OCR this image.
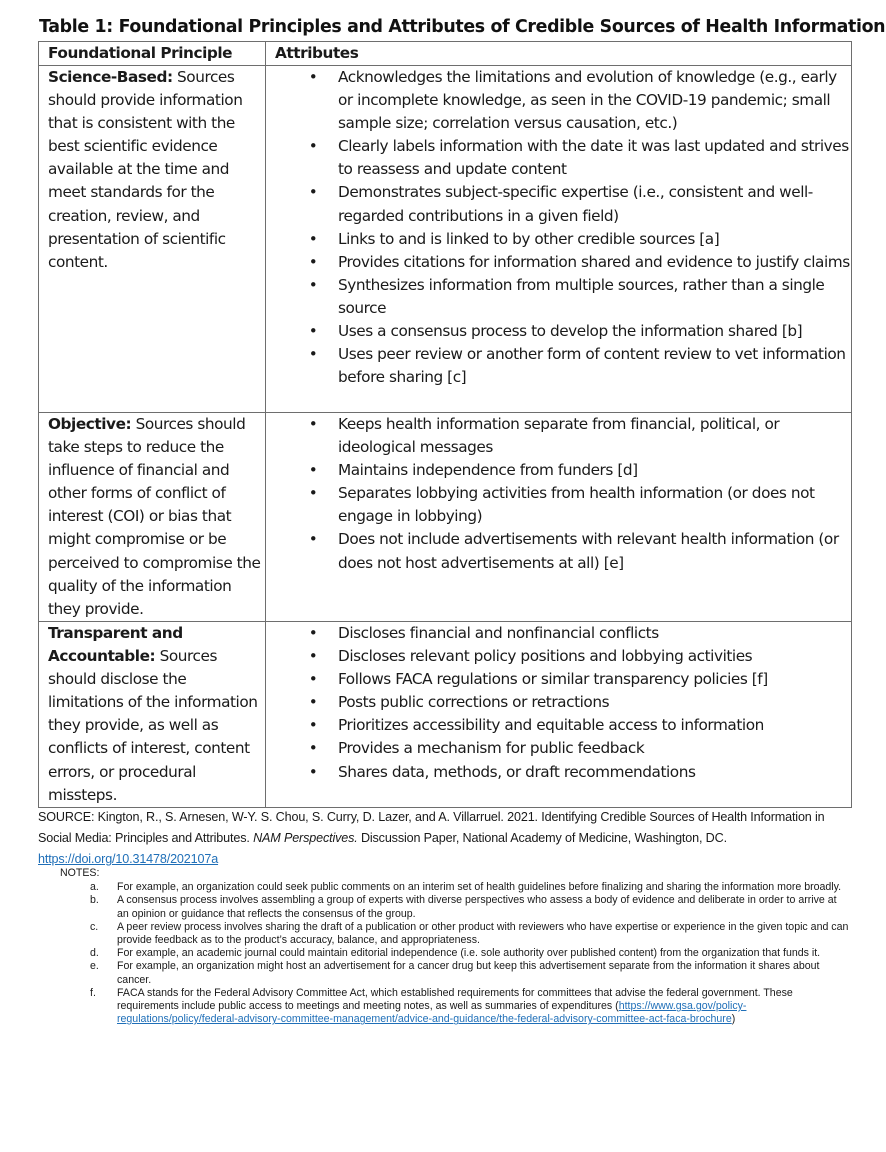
Table 1: Foundational Principles and Attributes of Credible Sources of Health Information
Foundational Principle	Attributes
Science-Based: Sources should provide information that is consistent with the best scientific evidence available at the time and meet standards for the creation, review, and presentation of scientific content.	
• Acknowledges the limitations and evolution of knowledge (e.g., early or incomplete knowledge, as seen in the COVID-19 pandemic; small sample size; correlation versus causation, etc.)
• Clearly labels information with the date it was last updated and strives to reassess and update content
• Demonstrates subject-specific expertise (i.e., consistent and well-regarded contributions in a given field)
• Links to and is linked to by other credible sources [a]
• Provides citations for information shared and evidence to justify claims
• Synthesizes information from multiple sources, rather than a single source
• Uses a consensus process to develop the information shared [b]
• Uses peer review or another form of content review to vet information before sharing [c]

Objective: Sources should take steps to reduce the influence of financial and other forms of conflict of interest (COI) or bias that might compromise or be perceived to compromise the quality of the information they provide.	
• Keeps health information separate from financial, political, or ideological messages
• Maintains independence from funders [d]
• Separates lobbying activities from health information (or does not engage in lobbying)
• Does not include advertisements with relevant health information (or does not host advertisements at all) [e]

Transparent and Accountable: Sources should disclose the limitations of the information they provide, as well as conflicts of interest, content errors, or procedural missteps.	
• Discloses financial and nonfinancial conflicts
• Discloses relevant policy positions and lobbying activities
• Follows FACA regulations or similar transparency policies [f]
• Posts public corrections or retractions
• Prioritizes accessibility and equitable access to information
• Provides a mechanism for public feedback
• Shares data, methods, or draft recommendations
SOURCE: Kington, R., S. Arnesen, W-Y. S. Chou, S. Curry, D. Lazer, and A. Villarruel. 2021. Identifying Credible Sources of Health Information in Social Media: Principles and Attributes. NAM Perspectives. Discussion Paper, National Academy of Medicine, Washington, DC. https://doi.org/10.31478/202107a
NOTES:
a. For example, an organization could seek public comments on an interim set of health guidelines before finalizing and sharing the information more broadly.
b. A consensus process involves assembling a group of experts with diverse perspectives who assess a body of evidence and deliberate in order to arrive at an opinion or guidance that reflects the consensus of the group.
c. A peer review process involves sharing the draft of a publication or other product with reviewers who have expertise or experience in the given topic and can provide feedback as to the product’s accuracy, balance, and appropriateness.
d. For example, an academic journal could maintain editorial independence (i.e. sole authority over published content) from the organization that funds it.
e. For example, an organization might host an advertisement for a cancer drug but keep this advertisement separate from the information it shares about cancer.
f. FACA stands for the Federal Advisory Committee Act, which established requirements for committees that advise the federal government. These requirements include public access to meetings and meeting notes, as well as summaries of expenditures (https://www.gsa.gov/policy-regulations/policy/federal-advisory-committee-management/advice-and-guidance/the-federal-advisory-committee-act-faca-brochure)
